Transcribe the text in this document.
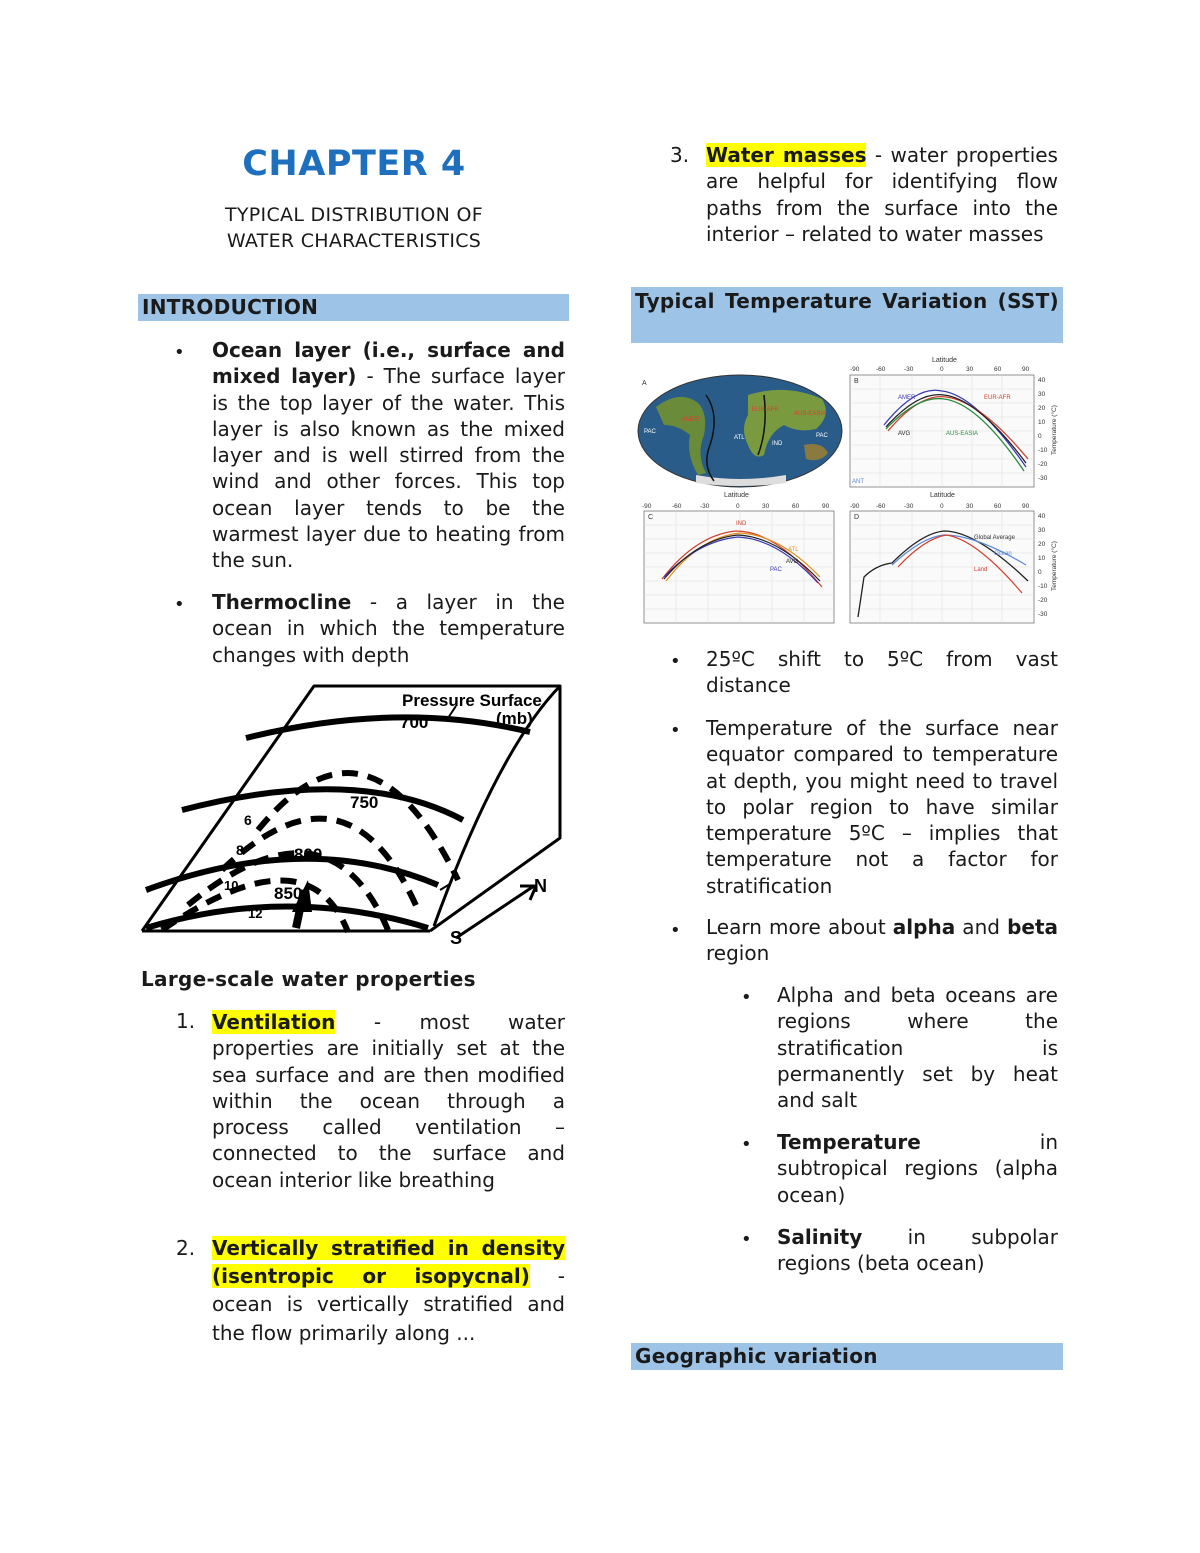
CHAPTER 4
TYPICAL DISTRIBUTION OF
WATER CHARACTERISTICS
INTRODUCTION
• Ocean layer (i.e., surface and mixed layer) - The surface layer is the top layer of the water. This layer is also known as the mixed layer and is well stirred from the wind and other forces. This top ocean layer tends to be the warmest layer due to heating from the sun.
• Thermocline - a layer in the ocean in which the temperature changes with depth
Pressure Surface
(mb)
700
750
800
850
6
8
10
12
N
S
Large-scale water properties
1. Ventilation - most water properties are initially set at the sea surface and are then modified within the ocean through a process called ventilation – connected to the surface and ocean interior like breathing
2. Vertically stratified in density (isentropic or isopycnal) - ocean is vertically stratified and the flow primarily along ...
3. Water masses - water properties are helpful for identifying flow paths from the surface into the interior – related to water masses
Typical Temperature Variation (SST)
A
AMER
EUR-AFR
AUS-EASIA
PAC
ATL
IND
PAC
Latitude
-90	-60	-30	0	30	60	90
B
AMER	EUR-AFR
AVG	AUS-EASIA
ANT
40
30
20
10
0
-10
-20
-30
Temperature (°C)
Latitude
-90	-60	-30	0	30	60	90
C
IND
ATL
PAC
AVG
Latitude
-90	-60	-30	0	30	60	90
D
Global Average
Ocean
Land
40
30
20
10
0
-10
-20
-30
Temperature (°C)
• 25ºC shift to 5ºC from vast distance
• Temperature of the surface near equator compared to temperature at depth, you might need to travel to polar region to have similar temperature 5ºC – implies that temperature not a factor for stratification
• Learn more about alpha and beta region
• Alpha and beta oceans are regions where the stratification is permanently set by heat and salt
• Temperature in subtropical regions (alpha ocean)
• Salinity in subpolar regions (beta ocean)
Geographic variation
